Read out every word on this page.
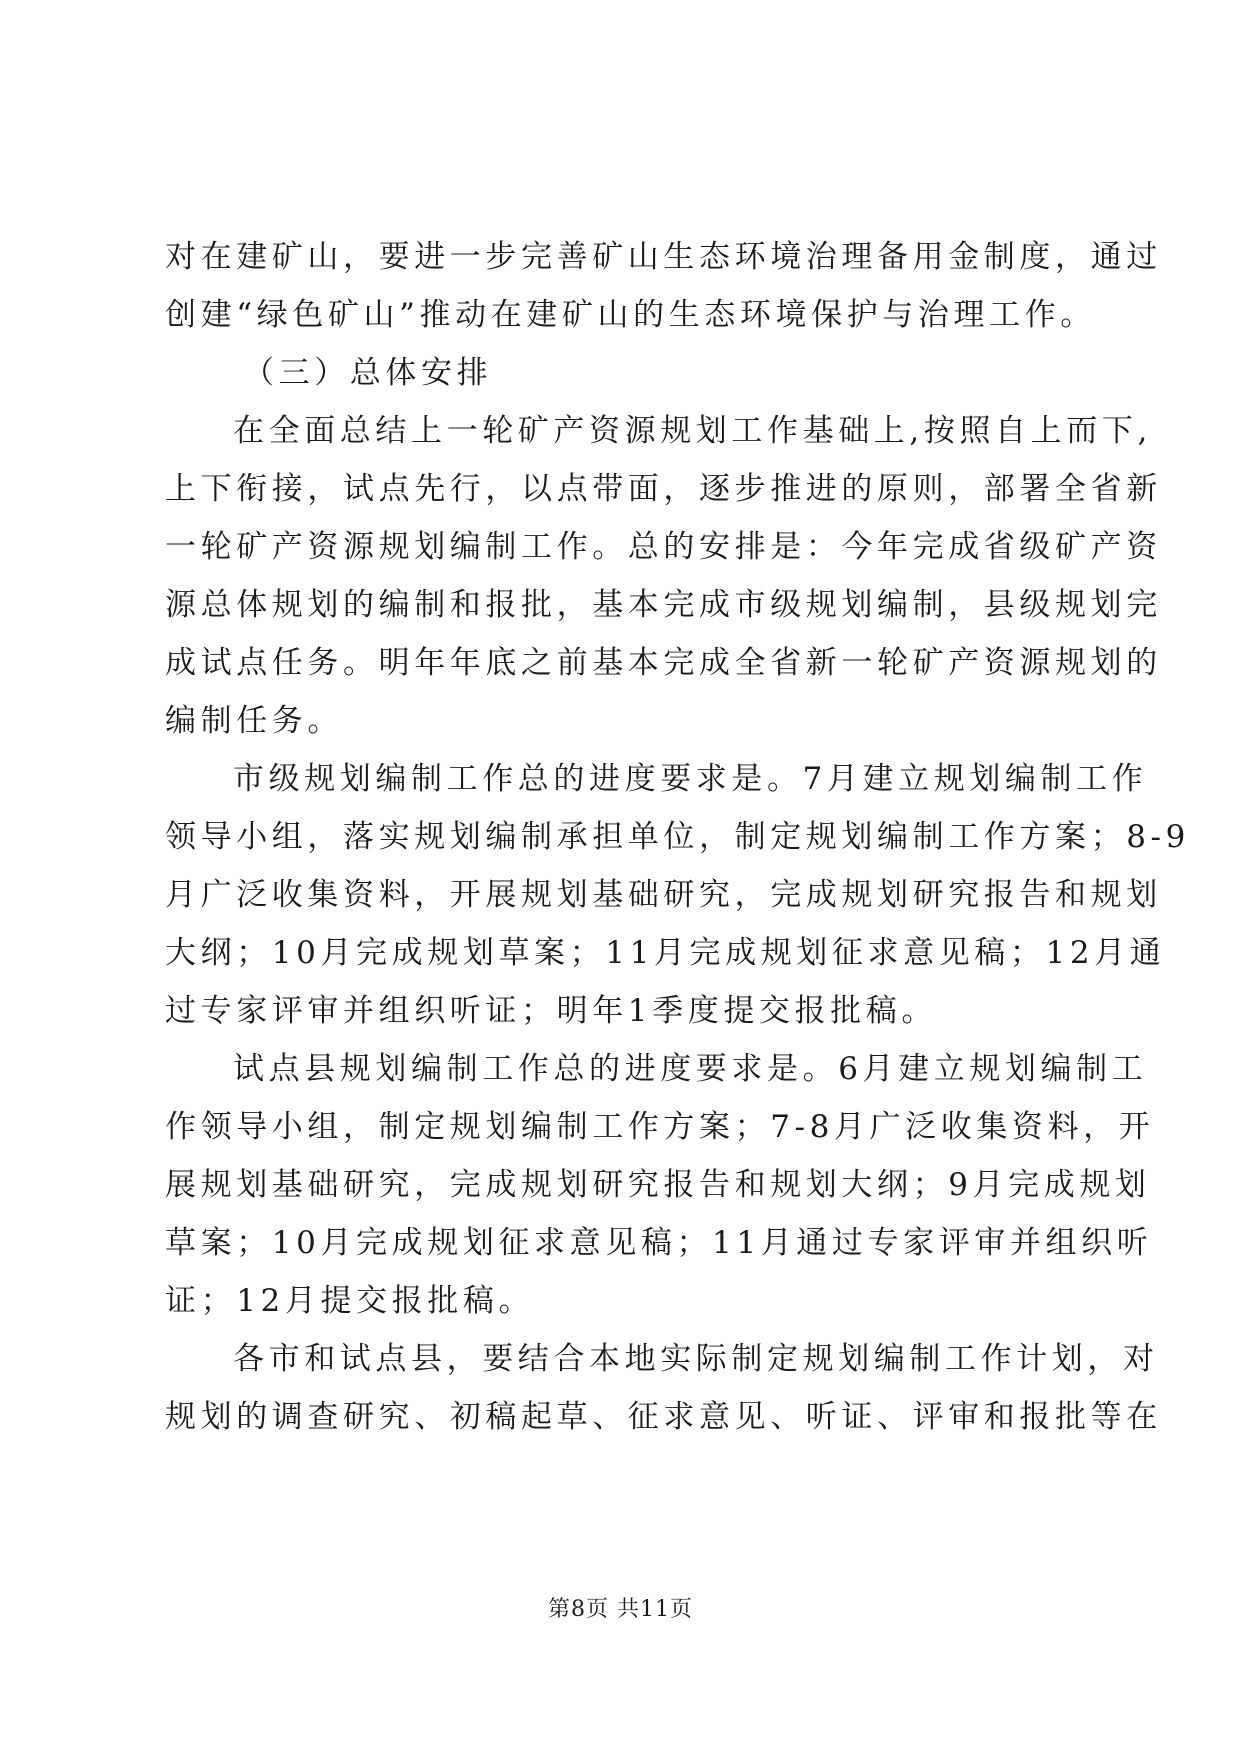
对在建矿山，要进一步完善矿山生态环境治理备用金制度，通过
创建“绿色矿山”推动在建矿山的生态环境保护与治理工作。
（三）总体安排
在全面总结上一轮矿产资源规划工作基础上,按照自上而下,
上下衔接，试点先行，以点带面，逐步推进的原则，部署全省新
一轮矿产资源规划编制工作。总的安排是：今年完成省级矿产资
源总体规划的编制和报批，基本完成市级规划编制，县级规划完
成试点任务。明年年底之前基本完成全省新一轮矿产资源规划的
编制任务。
市级规划编制工作总的进度要求是。7月建立规划编制工作
领导小组，落实规划编制承担单位，制定规划编制工作方案；8-9
月广泛收集资料，开展规划基础研究，完成规划研究报告和规划
大纲；10月完成规划草案；11月完成规划征求意见稿；12月通
过专家评审并组织听证；明年1季度提交报批稿。
试点县规划编制工作总的进度要求是。6月建立规划编制工
作领导小组，制定规划编制工作方案；7-8月广泛收集资料，开
展规划基础研究，完成规划研究报告和规划大纲；9月完成规划
草案；10月完成规划征求意见稿；11月通过专家评审并组织听
证；12月提交报批稿。
各市和试点县，要结合本地实际制定规划编制工作计划，对
规划的调查研究、初稿起草、征求意见、听证、评审和报批等在
第8页 共11页
